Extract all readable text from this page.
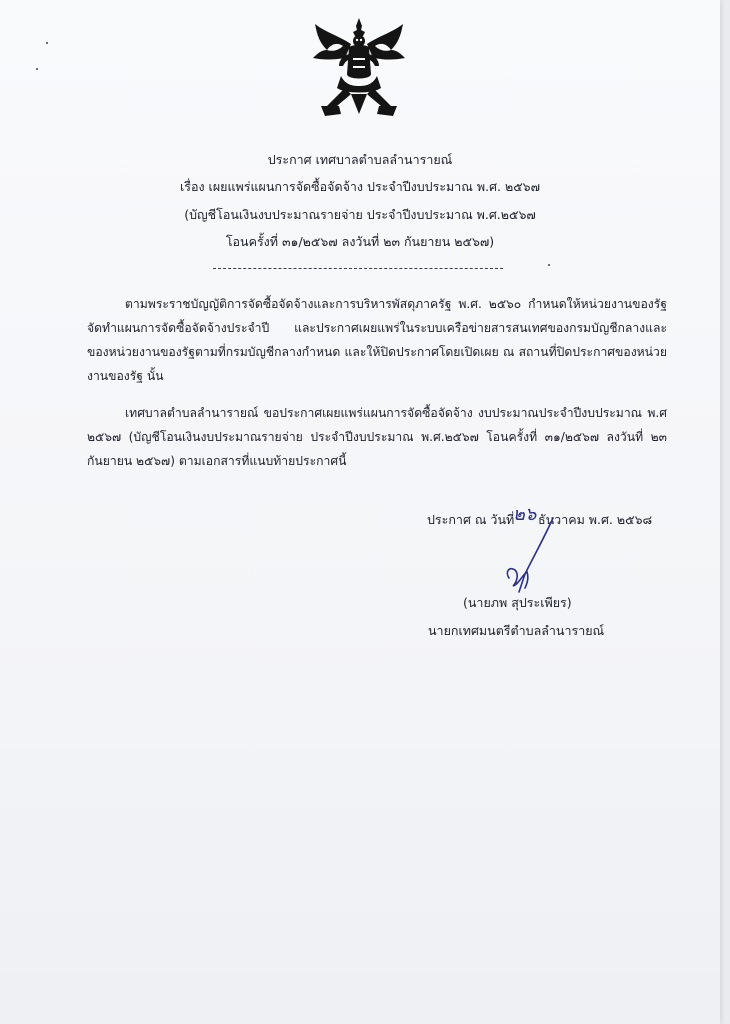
ประกาศ เทศบาลตำบลลำนารายณ์
เรื่อง เผยแพร่แผนการจัดซื้อจัดจ้าง ประจำปีงบประมาณ พ.ศ. ๒๕๖๗
(บัญชีโอนเงินงบประมาณรายจ่าย ประจำปีงบประมาณ พ.ศ.๒๕๖๗
โอนครั้งที่ ๓๑/๒๕๖๗ ลงวันที่ ๒๓ กันยายน ๒๕๖๗)
ตามพระราชบัญญัติการจัดซื้อจัดจ้างและการบริหารพัสดุภาครัฐ พ.ศ. ๒๕๖๐ กำหนดให้หน่วยงานของรัฐจัดทำแผนการจัดซื้อจัดจ้างประจำปี และประกาศเผยแพร่ในระบบเครือข่ายสารสนเทศของกรมบัญชีกลางและของหน่วยงานของรัฐตามที่กรมบัญชีกลางกำหนด และให้ปิดประกาศโดยเปิดเผย ณ สถานที่ปิดประกาศของหน่วยงานของรัฐ นั้น
เทศบาลตำบลลำนารายณ์ ขอประกาศเผยแพร่แผนการจัดซื้อจัดจ้าง งบประมาณประจำปีงบประมาณ พ.ศ ๒๕๖๗ (บัญชีโอนเงินงบประมาณรายจ่าย ประจำปีงบประมาณ พ.ศ.๒๕๖๗ โอนครั้งที่ ๓๑/๒๕๖๗ ลงวันที่ ๒๓ กันยายน ๒๕๖๗) ตามเอกสารที่แนบท้ายประกาศนี้
ประกาศ ณ วันที่
๒๖ ธันวาคม พ.ศ. ๒๕๖๘
(นายภพ สุประเพียร)
นายกเทศมนตรีตำบลลำนารายณ์
